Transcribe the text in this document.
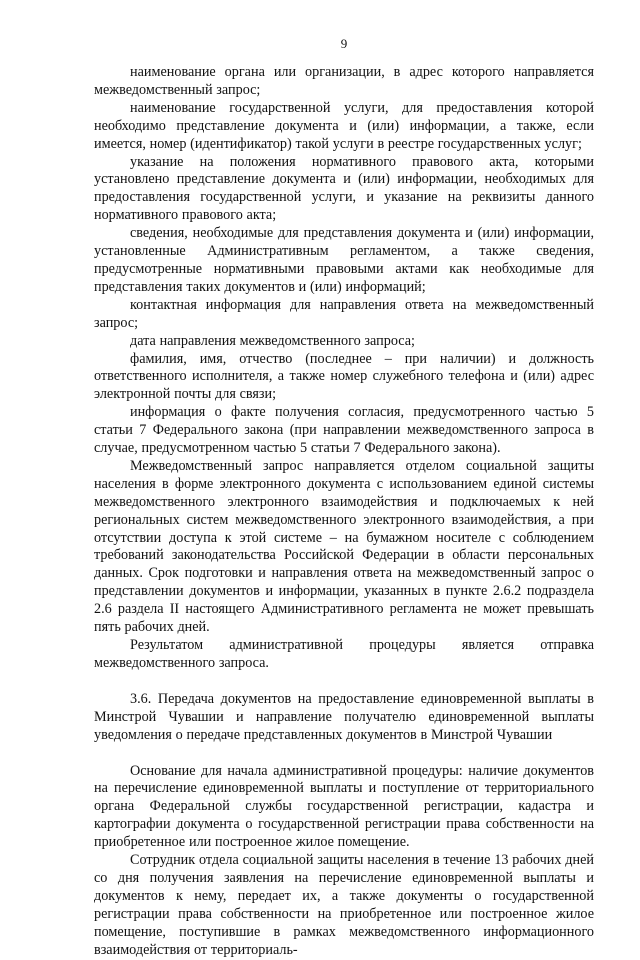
9

наименование органа или организации, в адрес которого направляется межведомственный запрос;

наименование государственной услуги, для предоставления которой необходимо представление документа и (или) информации, а также, если имеется, номер (идентификатор) такой услуги в реестре государственных услуг;

указание на положения нормативного правового акта, которыми установлено представление документа и (или) информации, необходимых для предоставления государственной услуги, и указание на реквизиты данного нормативного правового акта;

сведения, необходимые для представления документа и (или) информации, установленные Административным регламентом, а также сведения, предусмотренные нормативными правовыми актами как необходимые для представления таких документов и (или) информаций;

контактная информация для направления ответа на межведомственный запрос;

дата направления межведомственного запроса;

фамилия, имя, отчество (последнее – при наличии) и должность ответственного исполнителя, а также номер служебного телефона и (или) адрес электронной почты для связи;

информация о факте получения согласия, предусмотренного частью 5 статьи 7 Федерального закона (при направлении межведомственного запроса в случае, предусмотренном частью 5 статьи 7 Федерального закона).

Межведомственный запрос направляется отделом социальной защиты населения в форме электронного документа с использованием единой системы межведомственного электронного взаимодействия и подключаемых к ней региональных систем межведомственного электронного взаимодействия, а при отсутствии доступа к этой системе – на бумажном носителе с соблюдением требований законодательства Российской Федерации в области персональных данных. Срок подготовки и направления ответа на межведомственный запрос о представлении документов и информации, указанных в пункте 2.6.2 подраздела 2.6 раздела II настоящего Административного регламента не может превышать пять рабочих дней.

Результатом административной процедуры является отправка межведомственного запроса.

3.6. Передача документов на предоставление единовременной выплаты в Минстрой Чувашии и направление получателю единовременной выплаты уведомления о передаче представленных документов в Минстрой Чувашии

Основание для начала административной процедуры: наличие документов на перечисление единовременной выплаты и поступление от территориального органа Федеральной службы государственной регистрации, кадастра и картографии документа о государственной регистрации права собственности на приобретенное или построенное жилое помещение.

Сотрудник отдела социальной защиты населения в течение 13 рабочих дней со дня получения заявления на перечисление единовременной выплаты и документов к нему, передает их, а также документы о государственной регистрации права собственности на приобретенное или построенное жилое помещение, поступившие в рамках межведомственного информационного взаимодействия от территориаль-
